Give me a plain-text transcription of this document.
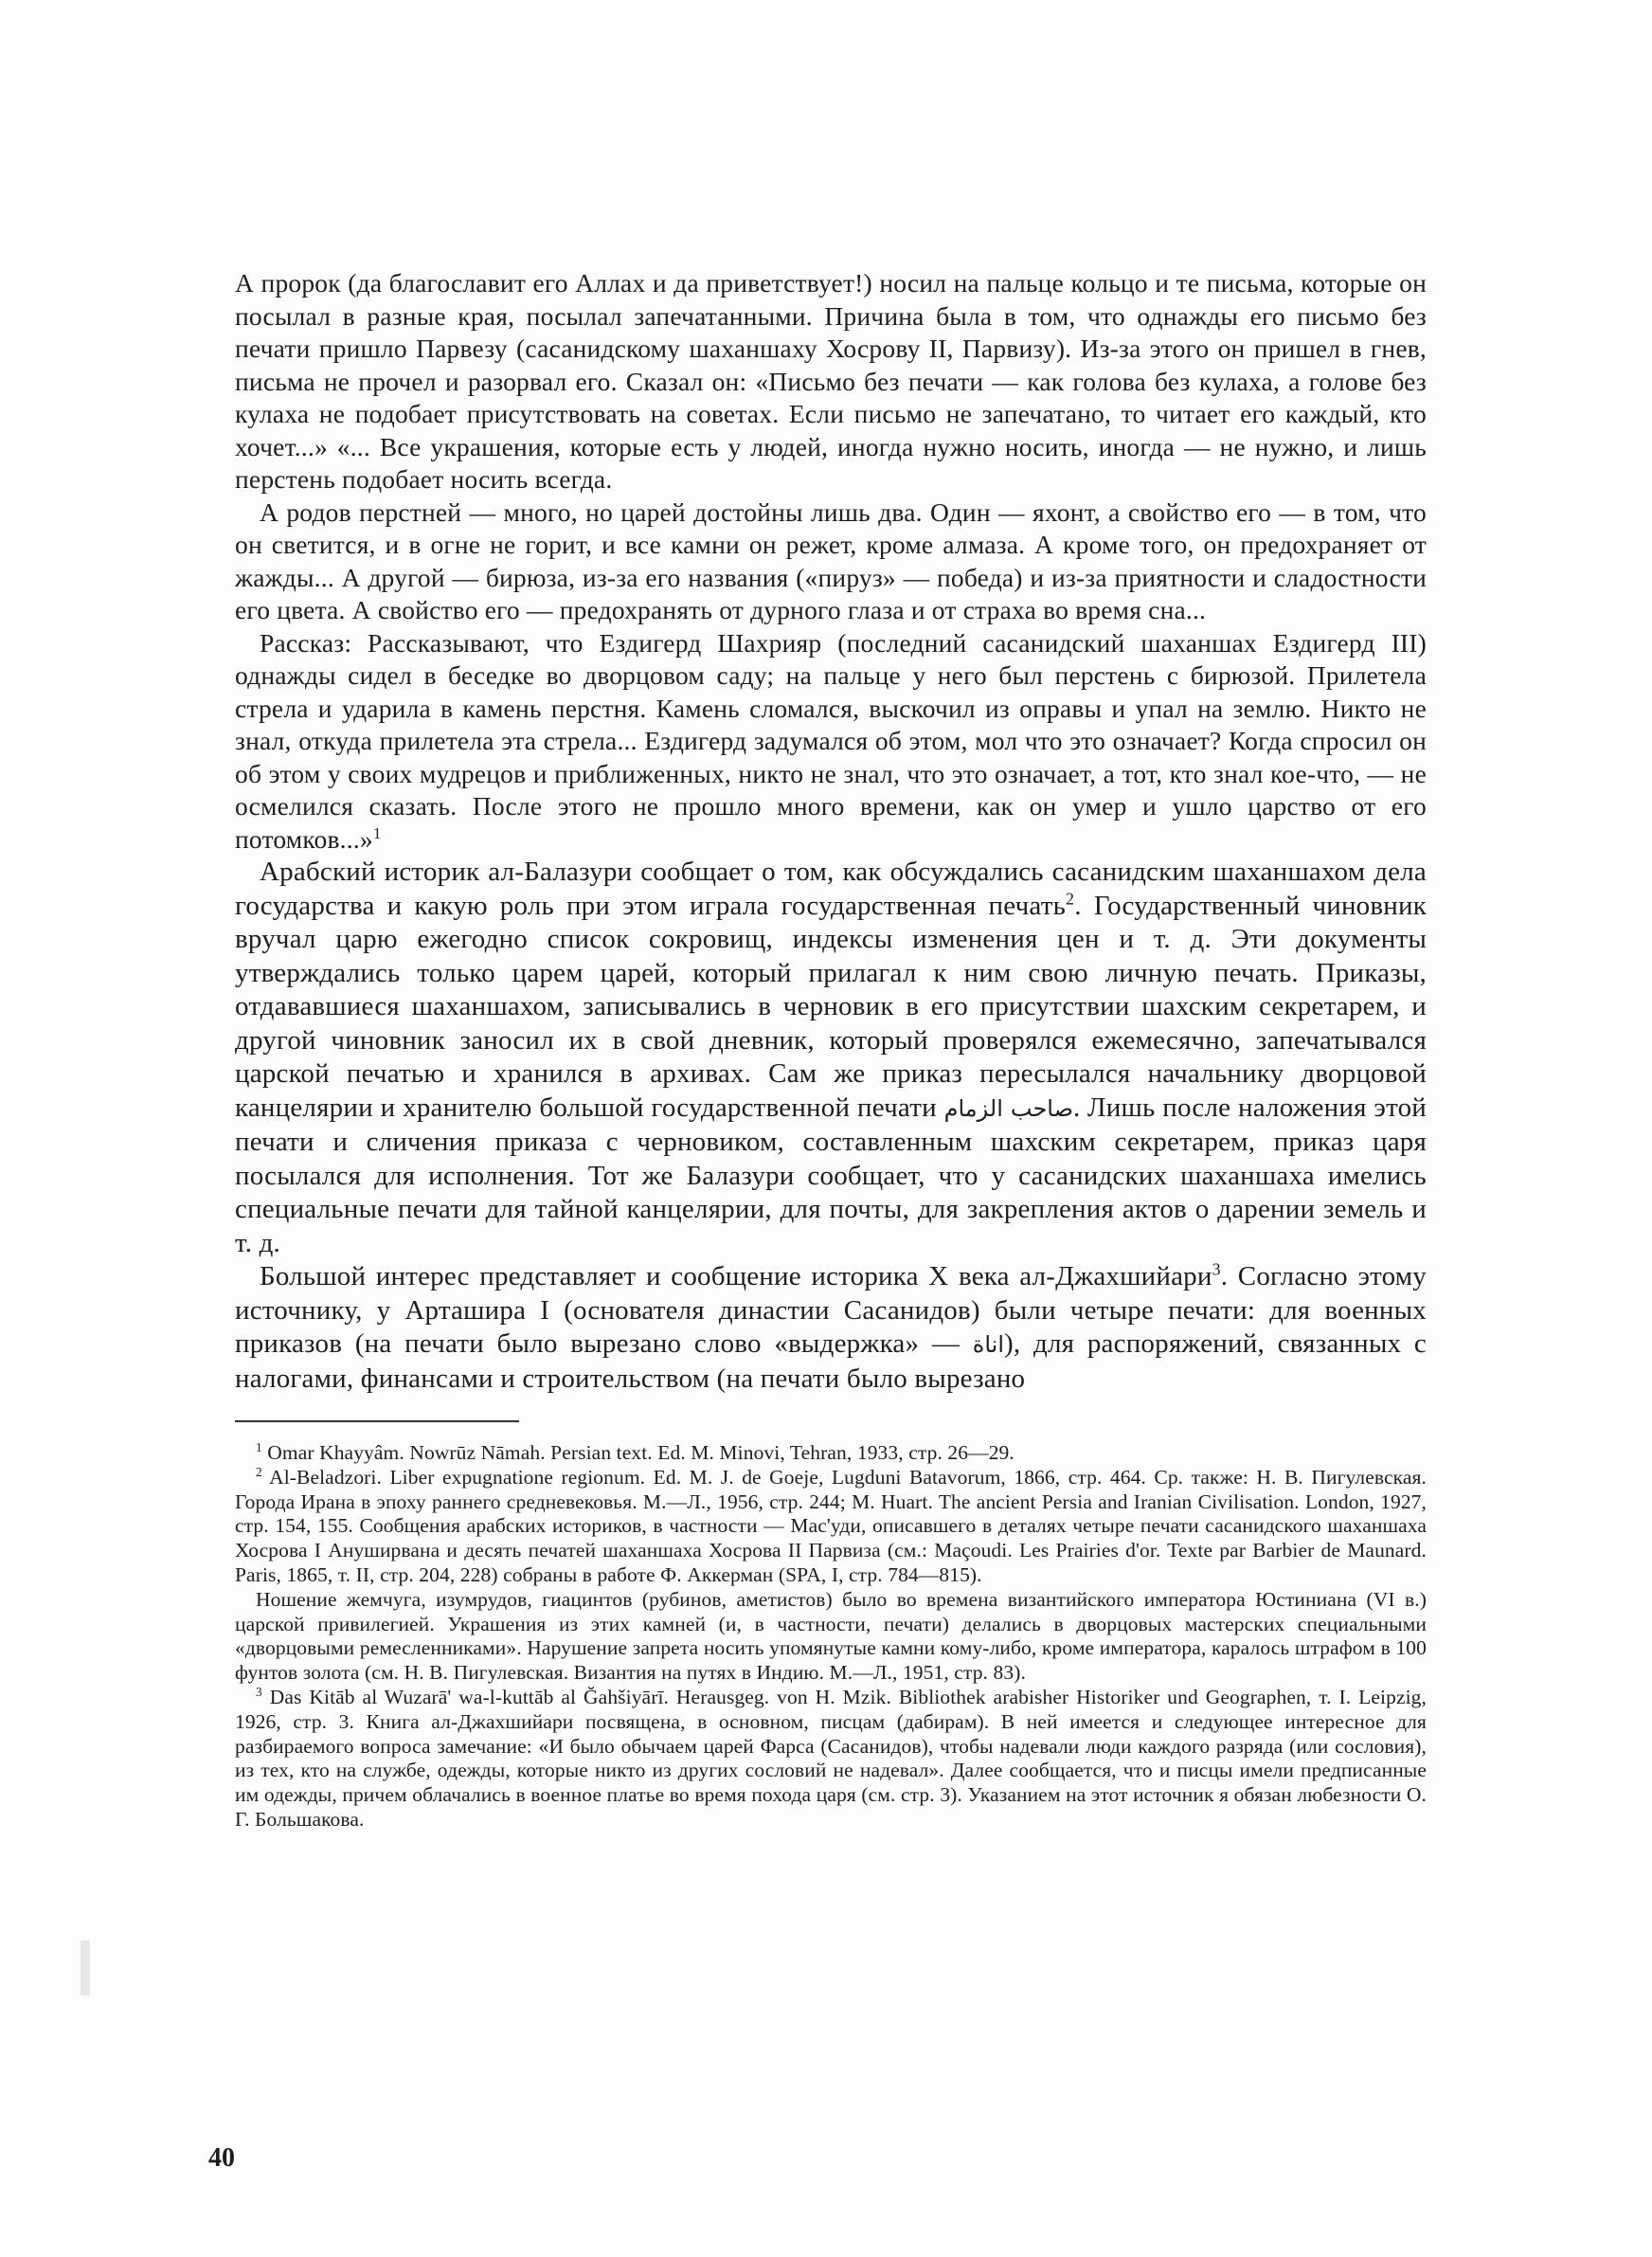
А пророк (да благославит его Аллах и да приветствует!) носил на пальце кольцо и те письма, которые он посылал в разные края, посылал запечатанными. Причина была в том, что однажды его письмо без печати пришло Парвезу (сасанидскому шаханшаху Хосрову II, Парвизу). Из-за этого он пришел в гнев, письма не прочел и разорвал его. Сказал он: «Письмо без печати — как голова без кулаха, а голове без кулаха не подобает присутствовать на советах. Если письмо не запечатано, то читает его каждый, кто хочет...» «... Все украшения, которые есть у людей, иногда нужно носить, иногда — не нужно, и лишь перстень подобает носить всегда.

А родов перстней — много, но царей достойны лишь два. Один — яхонт, а свойство его — в том, что он светится, и в огне не горит, и все камни он режет, кроме алмаза. А кроме того, он предохраняет от жажды... А другой — бирюза, из-за его названия («пируз» — победа) и из-за приятности и сладостности его цвета. А свойство его — предохранять от дурного глаза и от страха во время сна...

Рассказ: Рассказывают, что Ездигерд Шахрияр (последний сасанидский шаханшах Ездигерд III) однажды сидел в беседке во дворцовом саду; на пальце у него был перстень с бирюзой. Прилетела стрела и ударила в камень перстня. Камень сломался, выскочил из оправы и упал на землю. Никто не знал, откуда прилетела эта стрела... Ездигерд задумался об этом, мол что это означает? Когда спросил он об этом у своих мудрецов и приближенных, никто не знал, что это означает, а тот, кто знал кое-что, — не осмелился сказать. После этого не прошло много времени, как он умер и ушло царство от его потомков...»$^1$

Арабский историк ал-Балазури сообщает о том, как обсуждались сасанидским шаханшахом дела государства и какую роль при этом играла государственная печать$^2$. Государственный чиновник вручал царю ежегодно список сокровищ, индексы изменения цен и т. д. Эти документы утверждались только царем царей, который прилагал к ним свою личную печать. Приказы, отдававшиеся шаханшахом, записывались в черновик в его присутствии шахским секретарем, и другой чиновник заносил их в свой дневник, который проверялся ежемесячно, запечатывался царской печатью и хранился в архивах. Сам же приказ пересылался начальнику дворцовой канцелярии и хранителю большой государственной печати صاحب الزمام. Лишь после наложения этой печати и сличения приказа с черновиком, составленным шахским секретарем, приказ царя посылался для исполнения. Тот же Балазури сообщает, что у сасанидских шаханшаха имелись специальные печати для тайной канцелярии, для почты, для закрепления актов о дарении земель и т. д.

Большой интерес представляет и сообщение историка X века ал-Джахшийари$^3$. Согласно этому источнику, у Арташира I (основателя династии Сасанидов) были четыре печати: для военных приказов (на печати было вырезано слово «выдержка» — اناة), для распоряжений, связанных с налогами, финансами и строительством (на печати было вырезано

$^1$ Omar Khayyâm. Nowrūz Nāmah. Persian text. Ed. M. Minovi, Tehran, 1933, стр. 26—29.

$^2$ Al-Beladzori. Liber expugnatione regionum. Ed. M. J. de Goeje, Lugduni Batavorum, 1866, стр. 464. Ср. также: Н. В. Пигулевская. Города Ирана в эпоху раннего средневековья. М.—Л., 1956, стр. 244; M. Huart. The ancient Persia and Iranian Civilisation. London, 1927, стр. 154, 155. Сообщения арабских историков, в частности — Мас'уди, описавшего в деталях четыре печати сасанидского шаханшаха Хосрова I Ануширвана и десять печатей шаханшаха Хосрова II Парвиза (см.: Maçoudi. Les Prairies d'or. Texte par Barbier de Maunard. Paris, 1865, т. II, стр. 204, 228) собраны в работе Ф. Аккерман (SPA, I, стр. 784—815).

Ношение жемчуга, изумрудов, гиацинтов (рубинов, аметистов) было во времена византийского императора Юстиниана (VI в.) царской привилегией. Украшения из этих камней (и, в частности, печати) делались в дворцовых мастерских специальными «дворцовыми ремесленниками». Нарушение запрета носить упомянутые камни кому-либо, кроме императора, каралось штрафом в 100 фунтов золота (см. Н. В. Пигулевская. Византия на путях в Индию. М.—Л., 1951, стр. 83).

$^3$ Das Kitāb al Wuzarā' wa-l-kuttāb al Ğahšiyārī. Herausgeg. von H. Mzik. Bibliothek arabisher Historiker und Geographen, т. I. Leipzig, 1926, стр. 3. Книга ал-Джахшийари посвящена, в основном, писцам (дабирам). В ней имеется и следующее интересное для разбираемого вопроса замечание: «И было обычаем царей Фарса (Сасанидов), чтобы надевали люди каждого разряда (или сословия), из тех, кто на службе, одежды, которые никто из других сословий не надевал». Далее сообщается, что и писцы имели предписанные им одежды, причем облачались в военное платье во время похода царя (см. стр. 3). Указанием на этот источник я обязан любезности О. Г. Большакова.

40
